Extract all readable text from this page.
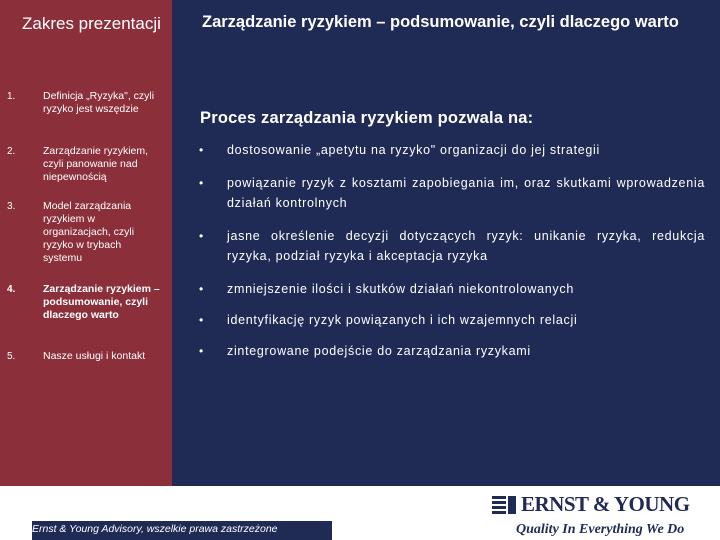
Zakres prezentacji
1.	Definicja „Ryzyka", czyli ryzyko jest wszędzie
2.	Zarządzanie ryzykiem, czyli panowanie nad niepewnością
3.	Model zarządzania ryzykiem w organizacjach, czyli ryzyko w trybach systemu
4.	Zarządzanie ryzykiem – podsumowanie, czyli dlaczego warto
5.	Nasze usługi i kontakt
Zarządzanie ryzykiem – podsumowanie, czyli dlaczego warto
Proces zarządzania ryzykiem pozwala na:
• dostosowanie „apetytu na ryzyko" organizacji do jej strategii
• powiązanie ryzyk z kosztami zapobiegania im, oraz skutkami wprowadzenia działań kontrolnych
• jasne określenie decyzji dotyczących ryzyk: unikanie ryzyka, redukcja ryzyka, podział ryzyka i akceptacja ryzyka
• zmniejszenie ilości i skutków działań niekontrolowanych
• identyfikację ryzyk powiązanych i ich wzajemnych relacji
• zintegrowane podejście do zarządzania ryzykami
17
Ernst & Young Advisory, wszelkie prawa zastrzeżone
ERNST & YOUNG
Quality In Everything We Do
